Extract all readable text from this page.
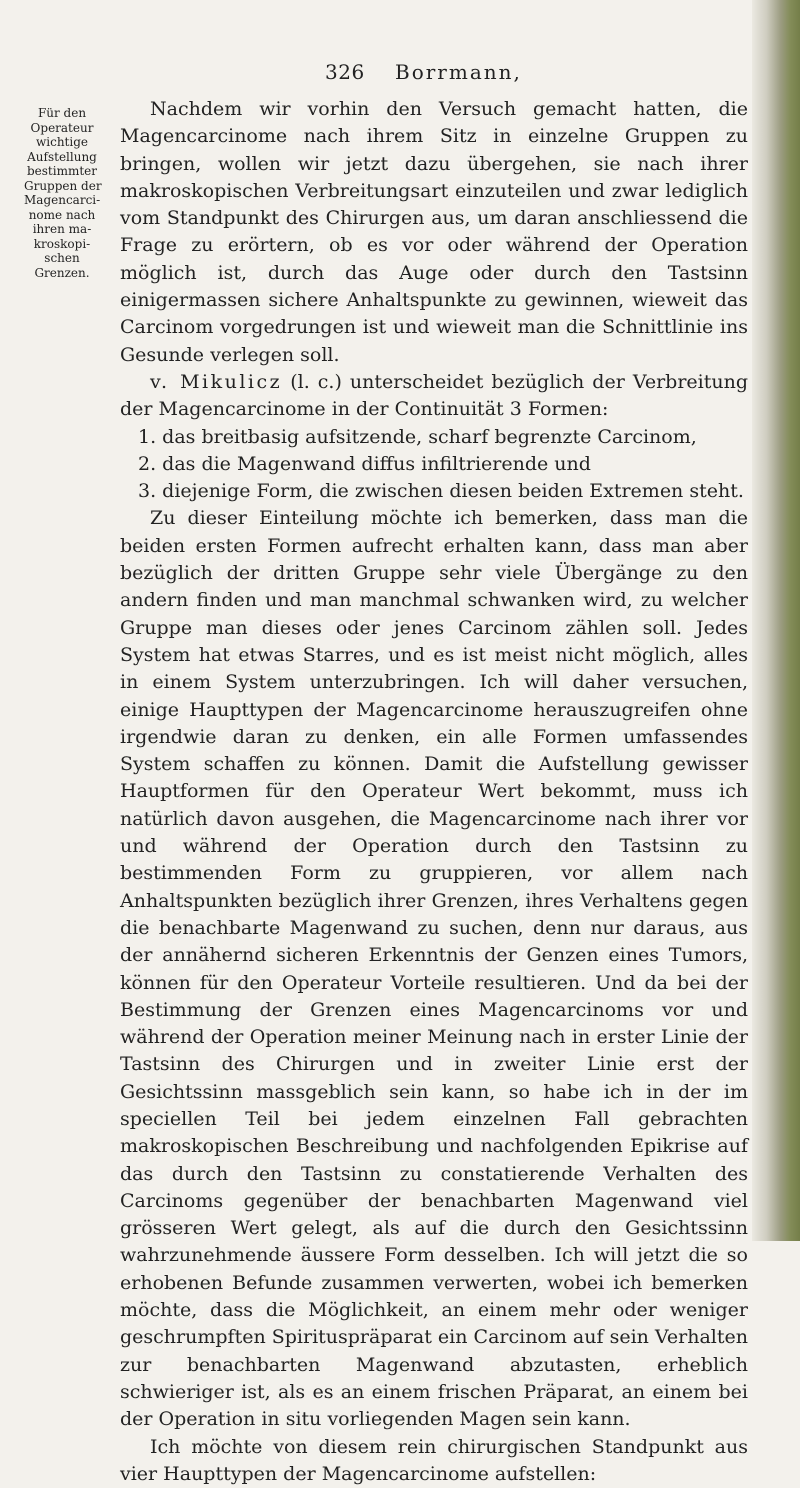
326 Borrmann,
Für den
Operateur
wichtige
Aufstellung
bestimmter
Gruppen der
Magencarci-
nome nach
ihren ma-
kroskopi-
schen
Grenzen.

Nachdem wir vorhin den Versuch gemacht hatten, die Magencarcinome nach ihrem Sitz in einzelne Gruppen zu bringen, wollen wir jetzt dazu übergehen, sie nach ihrer makroskopischen Verbreitungsart einzuteilen und zwar lediglich vom Standpunkt des Chirurgen aus, um daran anschliessend die Frage zu erörtern, ob es vor oder während der Operation möglich ist, durch das Auge oder durch den Tastsinn einigermassen sichere Anhaltspunkte zu gewinnen, wieweit das Carcinom vorgedrungen ist und wieweit man die Schnittlinie ins Gesunde verlegen soll.

v. Mikulicz (l. c.) unterscheidet bezüglich der Verbreitung der Magencarcinome in der Continuität 3 Formen:

1. das breitbasig aufsitzende, scharf begrenzte Carcinom,
2. das die Magenwand diffus infiltrierende und
3. diejenige Form, die zwischen diesen beiden Extremen steht.

Zu dieser Einteilung möchte ich bemerken, dass man die beiden ersten Formen aufrecht erhalten kann, dass man aber bezüglich der dritten Gruppe sehr viele Übergänge zu den andern finden und man manchmal schwanken wird, zu welcher Gruppe man dieses oder jenes Carcinom zählen soll. Jedes System hat etwas Starres, und es ist meist nicht möglich, alles in einem System unterzubringen. Ich will daher versuchen, einige Haupttypen der Magencarcinome herauszugreifen ohne irgendwie daran zu denken, ein alle Formen umfassendes System schaffen zu können. Damit die Aufstellung gewisser Hauptformen für den Operateur Wert bekommt, muss ich natürlich davon ausgehen, die Magencarcinome nach ihrer vor und während der Operation durch den Tastsinn zu bestimmenden Form zu gruppieren, vor allem nach Anhaltspunkten bezüglich ihrer Grenzen, ihres Verhaltens gegen die benachbarte Magenwand zu suchen, denn nur daraus, aus der annähernd sicheren Erkenntnis der Genzen eines Tumors, können für den Operateur Vorteile resultieren. Und da bei der Bestimmung der Grenzen eines Magencarcinoms vor und während der Operation meiner Meinung nach in erster Linie der Tastsinn des Chirurgen und in zweiter Linie erst der Gesichtssinn massgeblich sein kann, so habe ich in der im speciellen Teil bei jedem einzelnen Fall gebrachten makroskopischen Beschreibung und nachfolgenden Epikrise auf das durch den Tastsinn zu constatierende Verhalten des Carcinoms gegenüber der benachbarten Magenwand viel grösseren Wert gelegt, als auf die durch den Gesichtssinn wahrzunehmende äussere Form desselben. Ich will jetzt die so erhobenen Befunde zusammen verwerten, wobei ich bemerken möchte, dass die Möglichkeit, an einem mehr oder weniger geschrumpften Spirituspräparat ein Carcinom auf sein Verhalten zur benachbarten Magenwand abzutasten, erheblich schwieriger ist, als es an einem frischen Präparat, an einem bei der Operation in situ vorliegenden Magen sein kann.

Ich möchte von diesem rein chirurgischen Standpunkt aus vier Haupttypen der Magencarcinome aufstellen:
